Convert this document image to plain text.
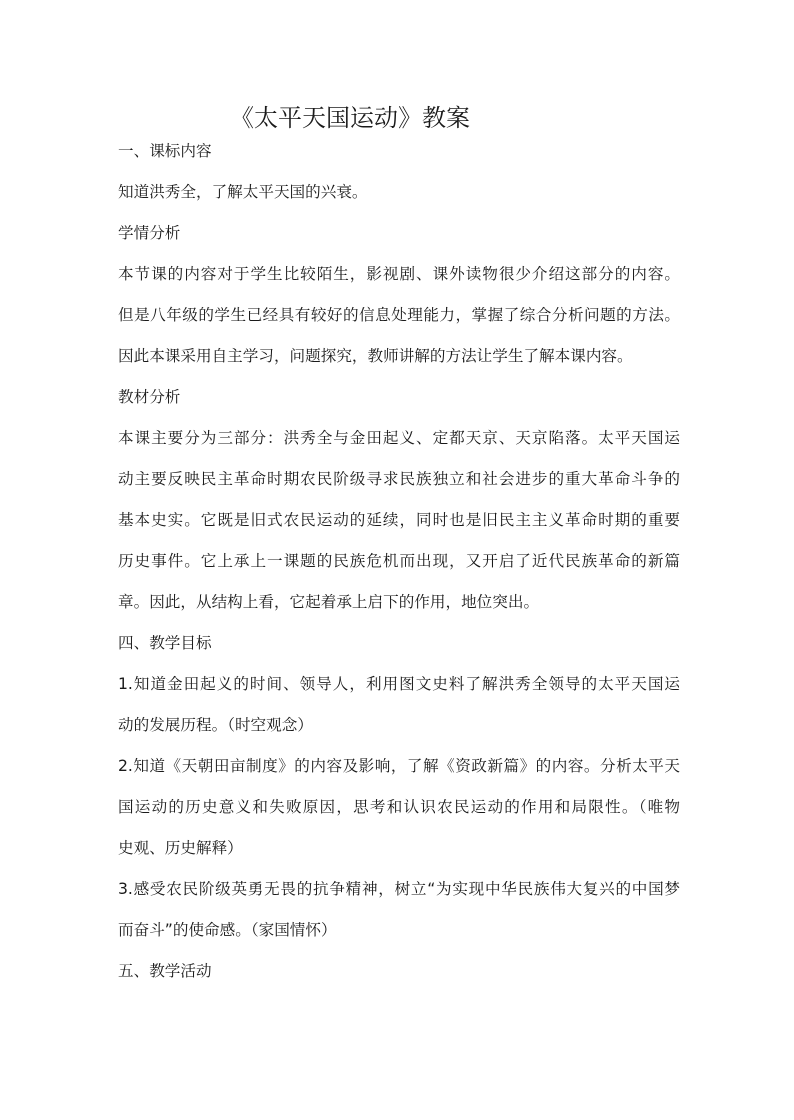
《太平天国运动》教案

一、课标内容

知道洪秀全，了解太平天国的兴衰。

学情分析

本节课的内容对于学生比较陌生，影视剧、课外读物很少介绍这部分的内容。

但是八年级的学生已经具有较好的信息处理能力，掌握了综合分析问题的方法。

因此本课采用自主学习，问题探究，教师讲解的方法让学生了解本课内容。

教材分析

本课主要分为三部分：洪秀全与金田起义、定都天京、天京陷落。太平天国运

动主要反映民主革命时期农民阶级寻求民族独立和社会进步的重大革命斗争的

基本史实。它既是旧式农民运动的延续，同时也是旧民主主义革命时期的重要

历史事件。它上承上一课题的民族危机而出现，又开启了近代民族革命的新篇

章。因此，从结构上看，它起着承上启下的作用，地位突出。

四、教学目标

1.知道金田起义的时间、领导人，利用图文史料了解洪秀全领导的太平天国运

动的发展历程。（时空观念）

2.知道《天朝田亩制度》的内容及影响，了解《资政新篇》的内容。分析太平天

国运动的历史意义和失败原因，思考和认识农民运动的作用和局限性。（唯物

史观、历史解释）

3.感受农民阶级英勇无畏的抗争精神，树立“为实现中华民族伟大复兴的中国梦

而奋斗”的使命感。（家国情怀）

五、教学活动
